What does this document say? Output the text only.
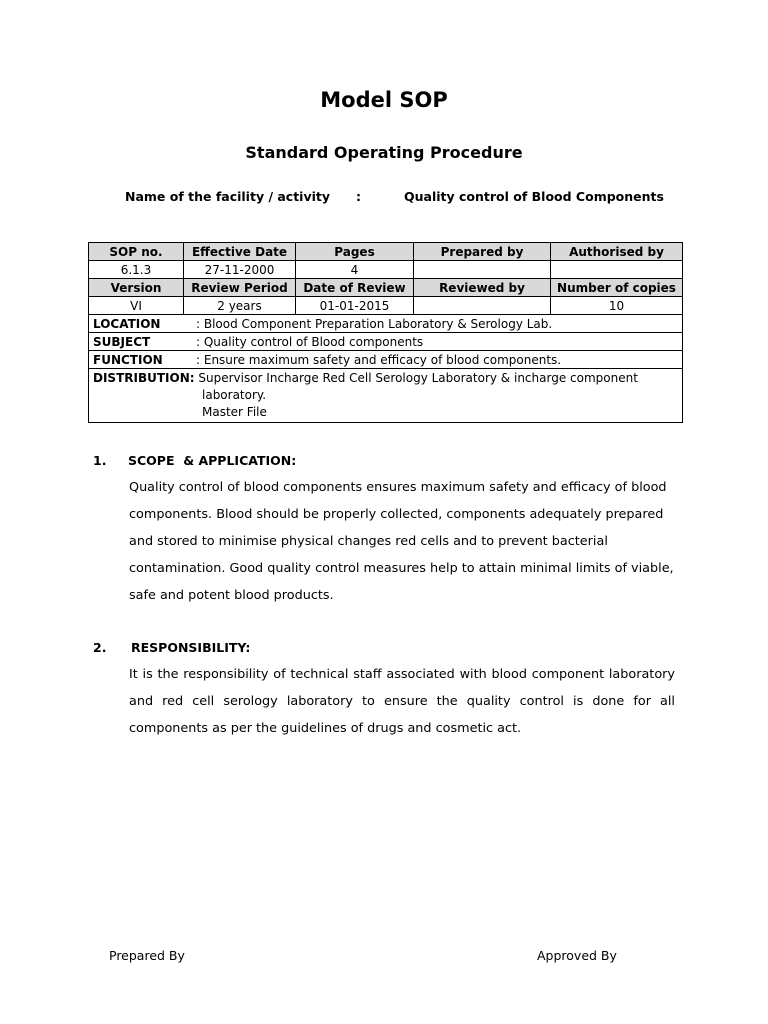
Model SOP
Standard Operating Procedure
Name of the facility / activity :	Quality control of Blood Components
SOP no.	Effective Date	Pages	Prepared by	Authorised by
6.1.3	27-11-2000	4		
Version	Review Period	Date of Review	Reviewed by	Number of copies
VI	2 years	01-01-2015		10
LOCATION : Blood Component Preparation Laboratory & Serology Lab.				
SUBJECT : Quality control of Blood components				
FUNCTION : Ensure maximum safety and efficacy of blood components.				

DISTRIBUTION: Supervisor Incharge Red Cell Serology Laboratory & incharge component
laboratory.
Master File				
1. SCOPE  & APPLICATION:
Quality control of blood components ensures maximum safety and efficacy of blood
components. Blood should be properly collected, components adequately prepared
and stored to minimise physical changes red cells and to prevent bacterial
contamination. Good quality control measures help to attain minimal limits of viable,
safe and potent blood products.
2. RESPONSIBILITY:
It is the responsibility of technical staff associated with blood component laboratory
and red cell serology laboratory to ensure the quality control is done for all
components as per the guidelines of drugs and cosmetic act.
Prepared By	Approved By
